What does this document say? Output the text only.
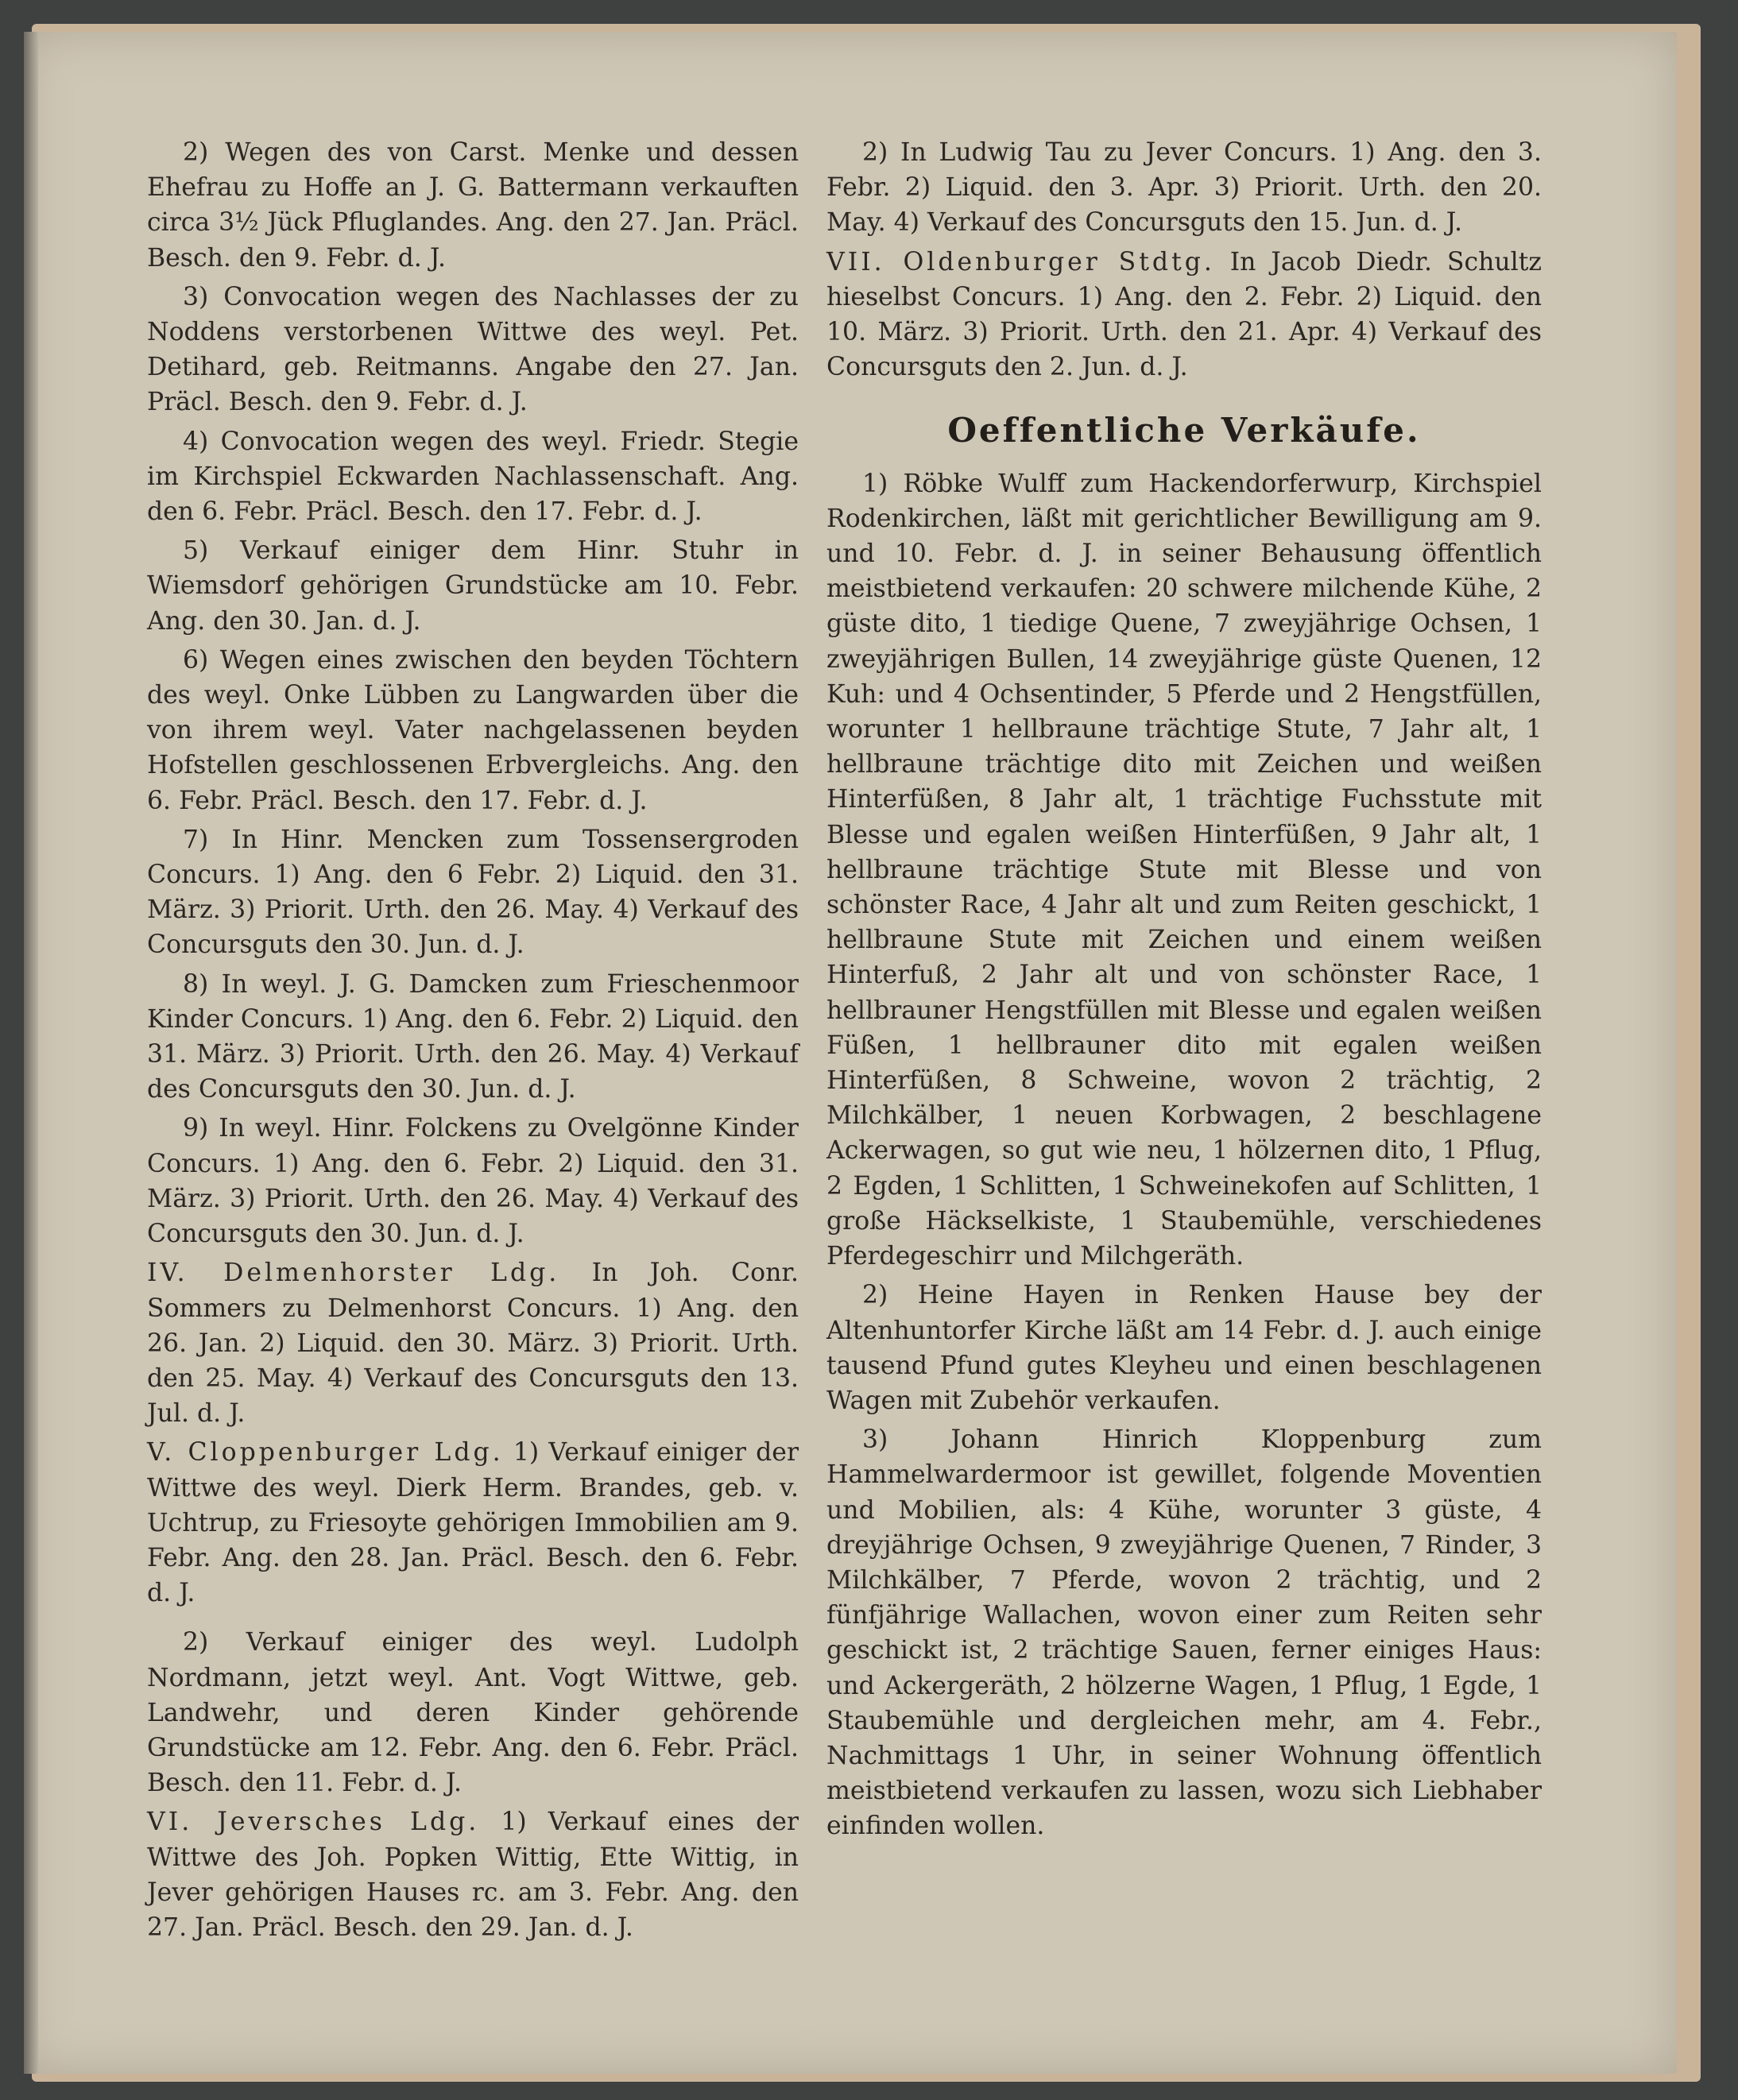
2) Wegen des von Carst. Menke und dessen Ehefrau zu Hoffe an J. G. Battermann verkauften circa 3½ Jück Pfluglandes. Ang. den 27. Jan. Präcl. Besch. den 9. Febr. d. J.

3) Convocation wegen des Nachlasses der zu Noddens verstorbenen Wittwe des weyl. Pet. Detihard, geb. Reitmanns. Angabe den 27. Jan. Präcl. Besch. den 9. Febr. d. J.

4) Convocation wegen des weyl. Friedr. Stegie im Kirchspiel Eckwarden Nachlassenschaft. Ang. den 6. Febr. Präcl. Besch. den 17. Febr. d. J.

5) Verkauf einiger dem Hinr. Stuhr in Wiemsdorf gehörigen Grundstücke am 10. Febr. Ang. den 30. Jan. d. J.

6) Wegen eines zwischen den beyden Töchtern des weyl. Onke Lübben zu Langwarden über die von ihrem weyl. Vater nachgelassenen beyden Hofstellen geschlossenen Erbvergleichs. Ang. den 6. Febr. Präcl. Besch. den 17. Febr. d. J.

7) In Hinr. Mencken zum Tossensergroden Concurs. 1) Ang. den 6 Febr. 2) Liquid. den 31. März. 3) Priorit. Urth. den 26. May. 4) Verkauf des Concursguts den 30. Jun. d. J.

8) In weyl. J. G. Damcken zum Frieschenmoor Kinder Concurs. 1) Ang. den 6. Febr. 2) Liquid. den 31. März. 3) Priorit. Urth. den 26. May. 4) Verkauf des Concursguts den 30. Jun. d. J.

9) In weyl. Hinr. Folckens zu Ovelgönne Kinder Concurs. 1) Ang. den 6. Febr. 2) Liquid. den 31. März. 3) Priorit. Urth. den 26. May. 4) Verkauf des Concursguts den 30. Jun. d. J.

IV. Delmenhorster Ldg. In Joh. Conr. Sommers zu Delmenhorst Concurs. 1) Ang. den 26. Jan. 2) Liquid. den 30. März. 3) Priorit. Urth. den 25. May. 4) Verkauf des Concursguts den 13. Jul. d. J.

V. Cloppenburger Ldg. 1) Verkauf einiger der Wittwe des weyl. Dierk Herm. Brandes, geb. v. Uchtrup, zu Friesoyte gehörigen Immobilien am 9. Febr. Ang. den 28. Jan. Präcl. Besch. den 6. Febr. d. J.

2) Verkauf einiger des weyl. Ludolph Nordmann, jetzt weyl. Ant. Vogt Wittwe, geb. Landwehr, und deren Kinder gehörende Grundstücke am 12. Febr. Ang. den 6. Febr. Präcl. Besch. den 11. Febr. d. J.

VI. Jeversches Ldg. 1) Verkauf eines der Wittwe des Joh. Popken Wittig, Ette Wittig, in Jever gehörigen Hauses rc. am 3. Febr. Ang. den 27. Jan. Präcl. Besch. den 29. Jan. d. J.

2) In Ludwig Tau zu Jever Concurs. 1) Ang. den 3. Febr. 2) Liquid. den 3. Apr. 3) Priorit. Urth. den 20. May. 4) Verkauf des Concursguts den 15. Jun. d. J.

VII. Oldenburger Stdtg. In Jacob Diedr. Schultz hieselbst Concurs. 1) Ang. den 2. Febr. 2) Liquid. den 10. März. 3) Priorit. Urth. den 21. Apr. 4) Verkauf des Concursguts den 2. Jun. d. J.

Oeffentliche Verkäufe.

1) Röbke Wulff zum Hackendorferwurp, Kirchspiel Rodenkirchen, läßt mit gerichtlicher Bewilligung am 9. und 10. Febr. d. J. in seiner Behausung öffentlich meistbietend verkaufen: 20 schwere milchende Kühe, 2 güste dito, 1 tiedige Quene, 7 zweyjährige Ochsen, 1 zweyjährigen Bullen, 14 zweyjährige güste Quenen, 12 Kuh: und 4 Ochsentinder, 5 Pferde und 2 Hengstfüllen, worunter 1 hellbraune trächtige Stute, 7 Jahr alt, 1 hellbraune trächtige dito mit Zeichen und weißen Hinterfüßen, 8 Jahr alt, 1 trächtige Fuchsstute mit Blesse und egalen weißen Hinterfüßen, 9 Jahr alt, 1 hellbraune trächtige Stute mit Blesse und von schönster Race, 4 Jahr alt und zum Reiten geschickt, 1 hellbraune Stute mit Zeichen und einem weißen Hinterfuß, 2 Jahr alt und von schönster Race, 1 hellbrauner Hengstfüllen mit Blesse und egalen weißen Füßen, 1 hellbrauner dito mit egalen weißen Hinterfüßen, 8 Schweine, wovon 2 trächtig, 2 Milchkälber, 1 neuen Korbwagen, 2 beschlagene Ackerwagen, so gut wie neu, 1 hölzernen dito, 1 Pflug, 2 Egden, 1 Schlitten, 1 Schweinekofen auf Schlitten, 1 große Häckselkiste, 1 Staubemühle, verschiedenes Pferdegeschirr und Milchgeräth.

2) Heine Hayen in Renken Hause bey der Altenhuntorfer Kirche läßt am 14 Febr. d. J. auch einige tausend Pfund gutes Kleyheu und einen beschlagenen Wagen mit Zubehör verkaufen.

3) Johann Hinrich Kloppenburg zum Hammelwardermoor ist gewillet, folgende Moventien und Mobilien, als: 4 Kühe, worunter 3 güste, 4 dreyjährige Ochsen, 9 zweyjährige Quenen, 7 Rinder, 3 Milchkälber, 7 Pferde, wovon 2 trächtig, und 2 fünfjährige Wallachen, wovon einer zum Reiten sehr geschickt ist, 2 trächtige Sauen, ferner einiges Haus: und Ackergeräth, 2 hölzerne Wagen, 1 Pflug, 1 Egde, 1 Staubemühle und dergleichen mehr, am 4. Febr., Nachmittags 1 Uhr, in seiner Wohnung öffentlich meistbietend verkaufen zu lassen, wozu sich Liebhaber einfinden wollen.
